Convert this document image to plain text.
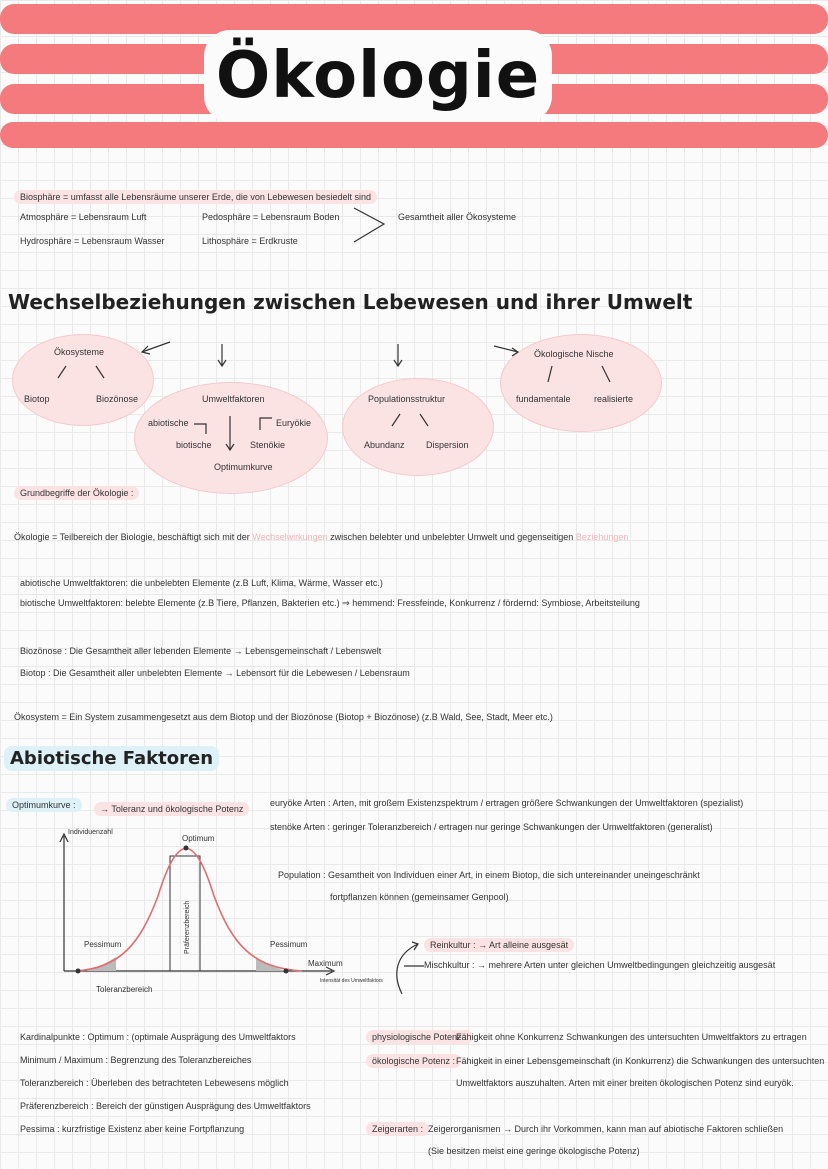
Ökologie
Biosphäre = umfasst alle Lebensräume unserer Erde, die von Lebewesen besiedelt sind
Atmosphäre = Lebensraum Luft
Hydrosphäre = Lebensraum Wasser
Pedosphäre = Lebensraum Boden
Lithosphäre = Erdkruste
Gesamtheit aller Ökosysteme
Wechselbeziehungen zwischen Lebewesen und ihrer Umwelt
Ökosysteme
Biotop	Biozönose	Umweltfaktoren
abiotische	Euryökie
biotische	Stenökie
Optimumkurve
Populationsstruktur
Abundanz Dispersion
Ökologische Nische
fundamentale	realisierte
Grundbegriffe der Ökologie :
Ökologie = Teilbereich der Biologie, beschäftigt sich mit der Wechselwirkungen zwischen belebter und unbelebter Umwelt und gegenseitigen Beziehungen
abiotische Umweltfaktoren: die unbelebten Elemente (z.B Luft, Klima, Wärme, Wasser etc.)
biotische Umweltfaktoren: belebte Elemente (z.B Tiere, Pflanzen, Bakterien etc.) ⇒ hemmend: Fressfeinde, Konkurrenz / fördernd: Symbiose, Arbeitsteilung
Biozönose : Die Gesamtheit aller lebenden Elemente → Lebensgemeinschaft / Lebenswelt
Biotop : Die Gesamtheit aller unbelebten Elemente → Lebensort für die Lebewesen / Lebensraum
Ökosystem = Ein System zusammengesetzt aus dem Biotop und der Biozönose (Biotop + Biozönose) (z.B Wald, See, Stadt, Meer etc.)
Abiotische Faktoren
Optimumkurve :	→ Toleranz und ökologische Potenz
euryöke Arten : Arten, mit großem Existenzspektrum / ertragen größere Schwankungen der Umweltfaktoren (spezialist)
stenöke Arten : geringer Toleranzbereich / ertragen nur geringe Schwankungen der Umweltfaktoren (generalist)
Population : Gesamtheit von Individuen einer Art, in einem Biotop, die sich untereinander uneingeschränkt
fortpflanzen können (gemeinsamer Genpool)
Individuenzahl
Optimum
Präferenzbereich
Pessimum	Pessimum
Maximum
Intensität des Umweltfaktors
Toleranzbereich
Reinkultur : → Art alleine ausgesät
Mischkultur : → mehrere Arten unter gleichen Umweltbedingungen gleichzeitig ausgesät
Kardinalpunkte : Optimum : (optimale Ausprägung des Umweltfaktors
Minimum / Maximum : Begrenzung des Toleranzbereiches
Toleranzbereich : Überleben des betrachteten Lebewesens möglich
Präferenzbereich : Bereich der günstigen Ausprägung des Umweltfaktors
Pessima : kurzfristige Existenz aber keine Fortpflanzung
physiologische Potenz :
Fähigkeit ohne Konkurrenz Schwankungen des untersuchten Umweltfaktors zu ertragen
ökologische Potenz : Fähigkeit in einer Lebensgemeinschaft (in Konkurrenz) die Schwankungen des untersuchten
Umweltfaktors auszuhalten. Arten mit einer breiten ökologischen Potenz sind euryök.
Zeigerarten : Zeigerorganismen → Durch ihr Vorkommen, kann man auf abiotische Faktoren schließen
(Sie besitzen meist eine geringe ökologische Potenz)
